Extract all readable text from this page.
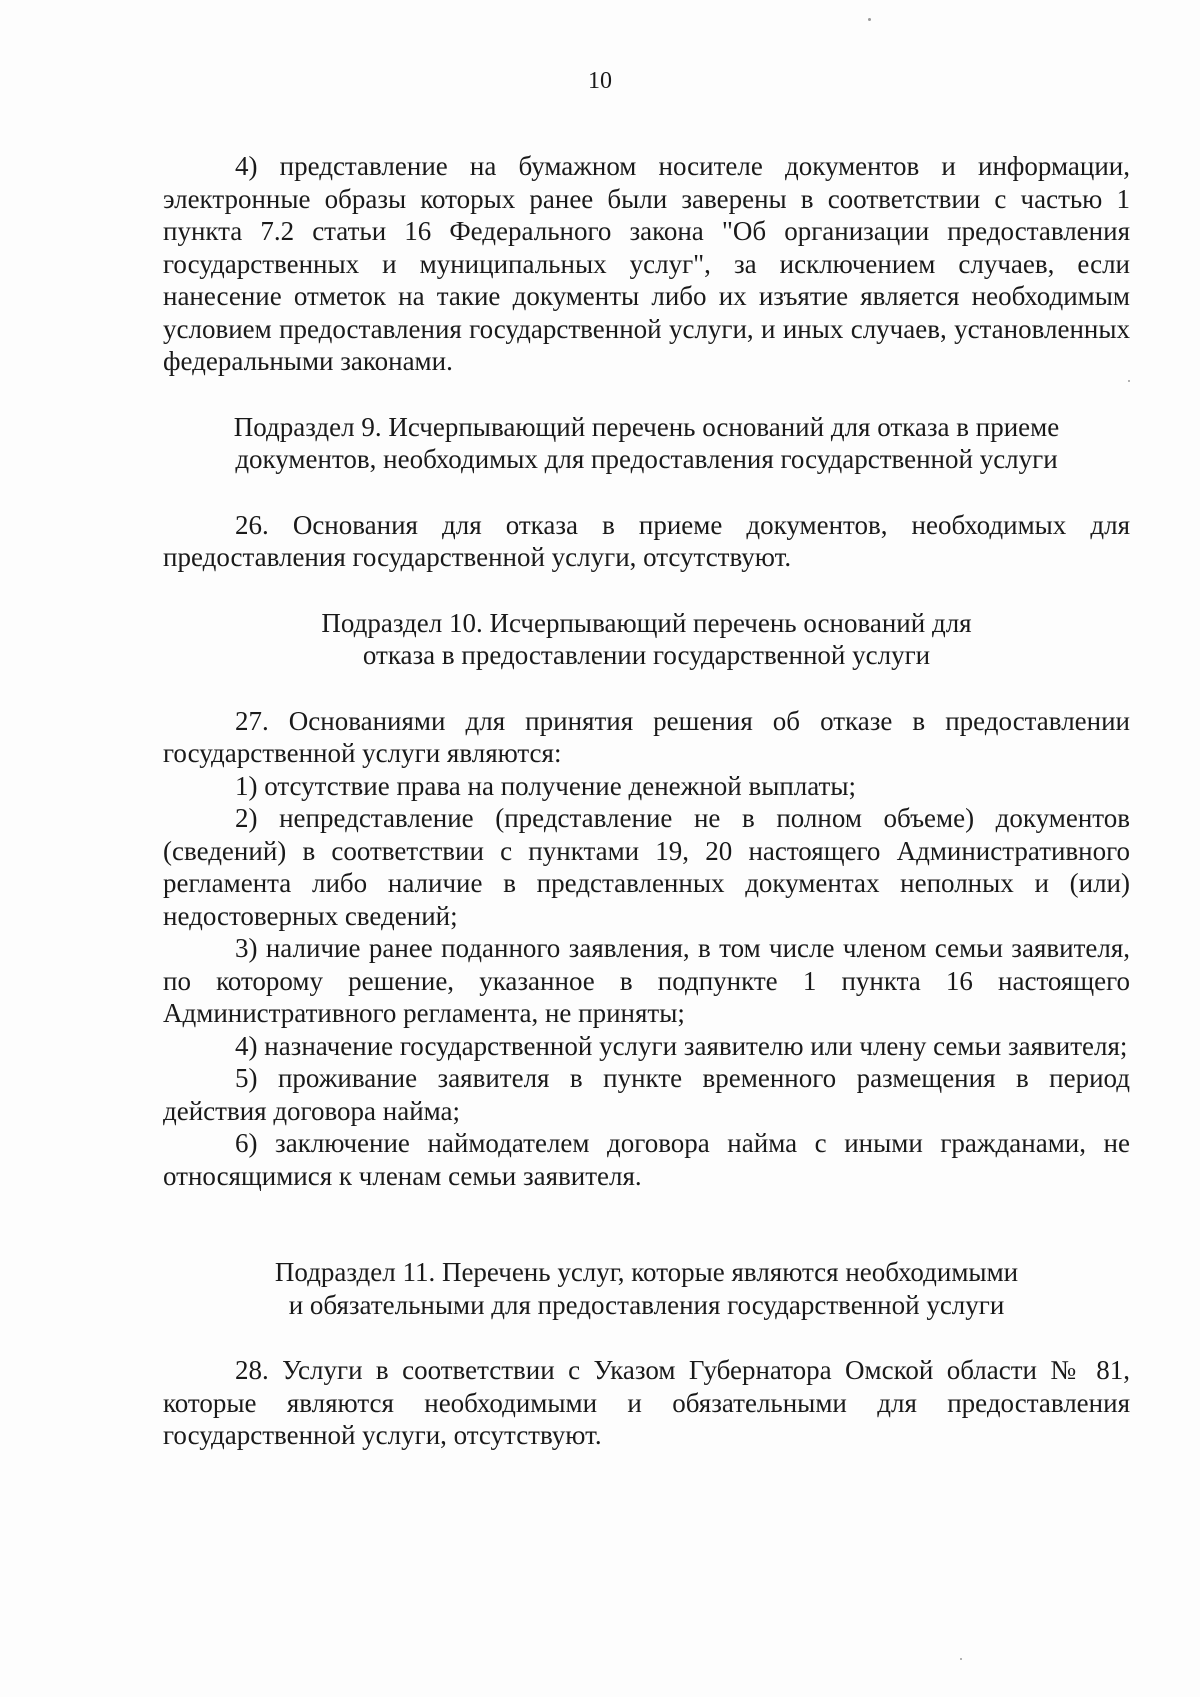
10

4) представление на бумажном носителе документов и информации, электронные образы которых ранее были заверены в соответствии с частью 1 пункта 7.2 статьи 16 Федерального закона "Об организации предоставления государственных и муниципальных услуг", за исключением случаев, если нанесение отметок на такие документы либо их изъятие является необходимым условием предоставления государственной услуги, и иных случаев, установленных федеральными законами.

Подраздел 9. Исчерпывающий перечень оснований для отказа в приеме
документов, необходимых для предоставления государственной услуги

26. Основания для отказа в приеме документов, необходимых для предоставления государственной услуги, отсутствуют.

Подраздел 10. Исчерпывающий перечень оснований для
отказа в предоставлении государственной услуги

27. Основаниями для принятия решения об отказе в предоставлении государственной услуги являются:

1) отсутствие права на получение денежной выплаты;

2) непредставление (представление не в полном объеме) документов (сведений) в соответствии с пунктами 19, 20 настоящего Административного регламента либо наличие в представленных документах неполных и (или) недостоверных сведений;

3) наличие ранее поданного заявления, в том числе членом семьи заявителя, по которому решение, указанное в подпункте 1 пункта 16 настоящего Административного регламента, не приняты;

4) назначение государственной услуги заявителю или члену семьи заявителя;

5) проживание заявителя в пункте временного размещения в период действия договора найма;

6) заключение наймодателем договора найма с иными гражданами, не относящимися к членам семьи заявителя.

Подраздел 11. Перечень услуг, которые являются необходимыми
и обязательными для предоставления государственной услуги

28. Услуги в соответствии с Указом Губернатора Омской области № 81, которые являются необходимыми и обязательными для предоставления государственной услуги, отсутствуют.
